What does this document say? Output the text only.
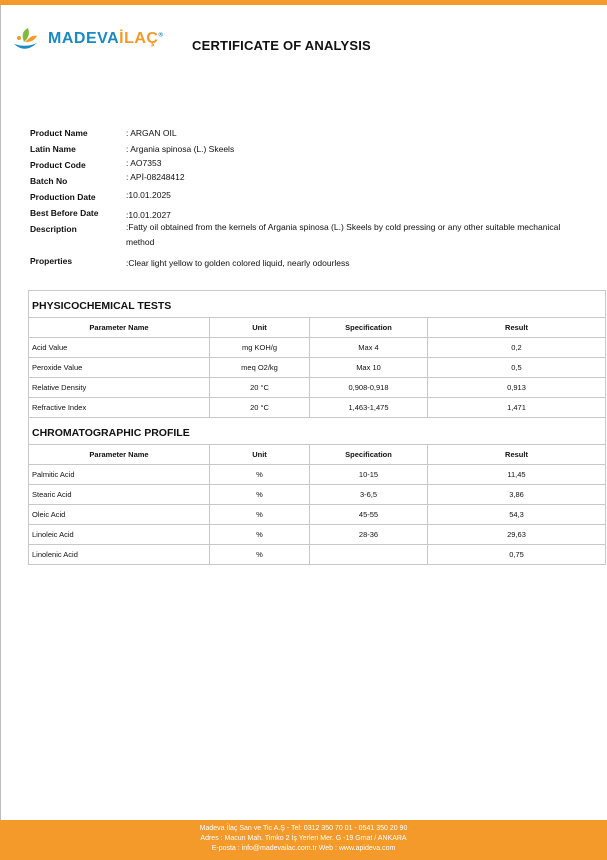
MADEVAİLAÇ®
CERTIFICATE OF ANALYSIS
Product Name	: ARGAN OIL
Latin Name	: Argania spinosa (L.) Skeels
Product Code	: AO7353
Batch No	: APİ-08248412
Production Date	:10.01.2025
Best Before Date	:10.01.2027
Description	:Fatty oil obtained from the kernels of Argania spinosa (L.) Skeels by cold pressing or any other suitable mechanical method
Properties	:Clear light yellow to golden colored liquid, nearly odourless
PHYSICOCHEMICAL TESTS			
Parameter Name	Unit	Specification	Result
Acid Value	mg KOH/g	Max 4	0,2
Peroxide Value	meq O2/kg	Max 10	0,5
Relative Density	20 °C	0,908-0,918	0,913
Refractive Index	20 °C	1,463-1,475	1,471
CHROMATOGRAPHIC PROFILE			
Parameter Name	Unit	Specification	Result
Palmitic Acid	%	10-15	11,45
Stearic Acid	%	3-6,5	3,86
Oleic Acid	%	45-55	54,3
Linoleic Acid	%	28-36	29,63
Linolenic Acid	%		0,75
Madeva İlaç San ve Tic A.Ş - Tel: 0312 350 70 01 - 0541 350 20 90
Adres : Macun Mah. Timko 2 İş Yerleri Mer. G -19 Gmat / ANKARA
E-posta : info@madevailac.com.tr Web : www.apideva.com
